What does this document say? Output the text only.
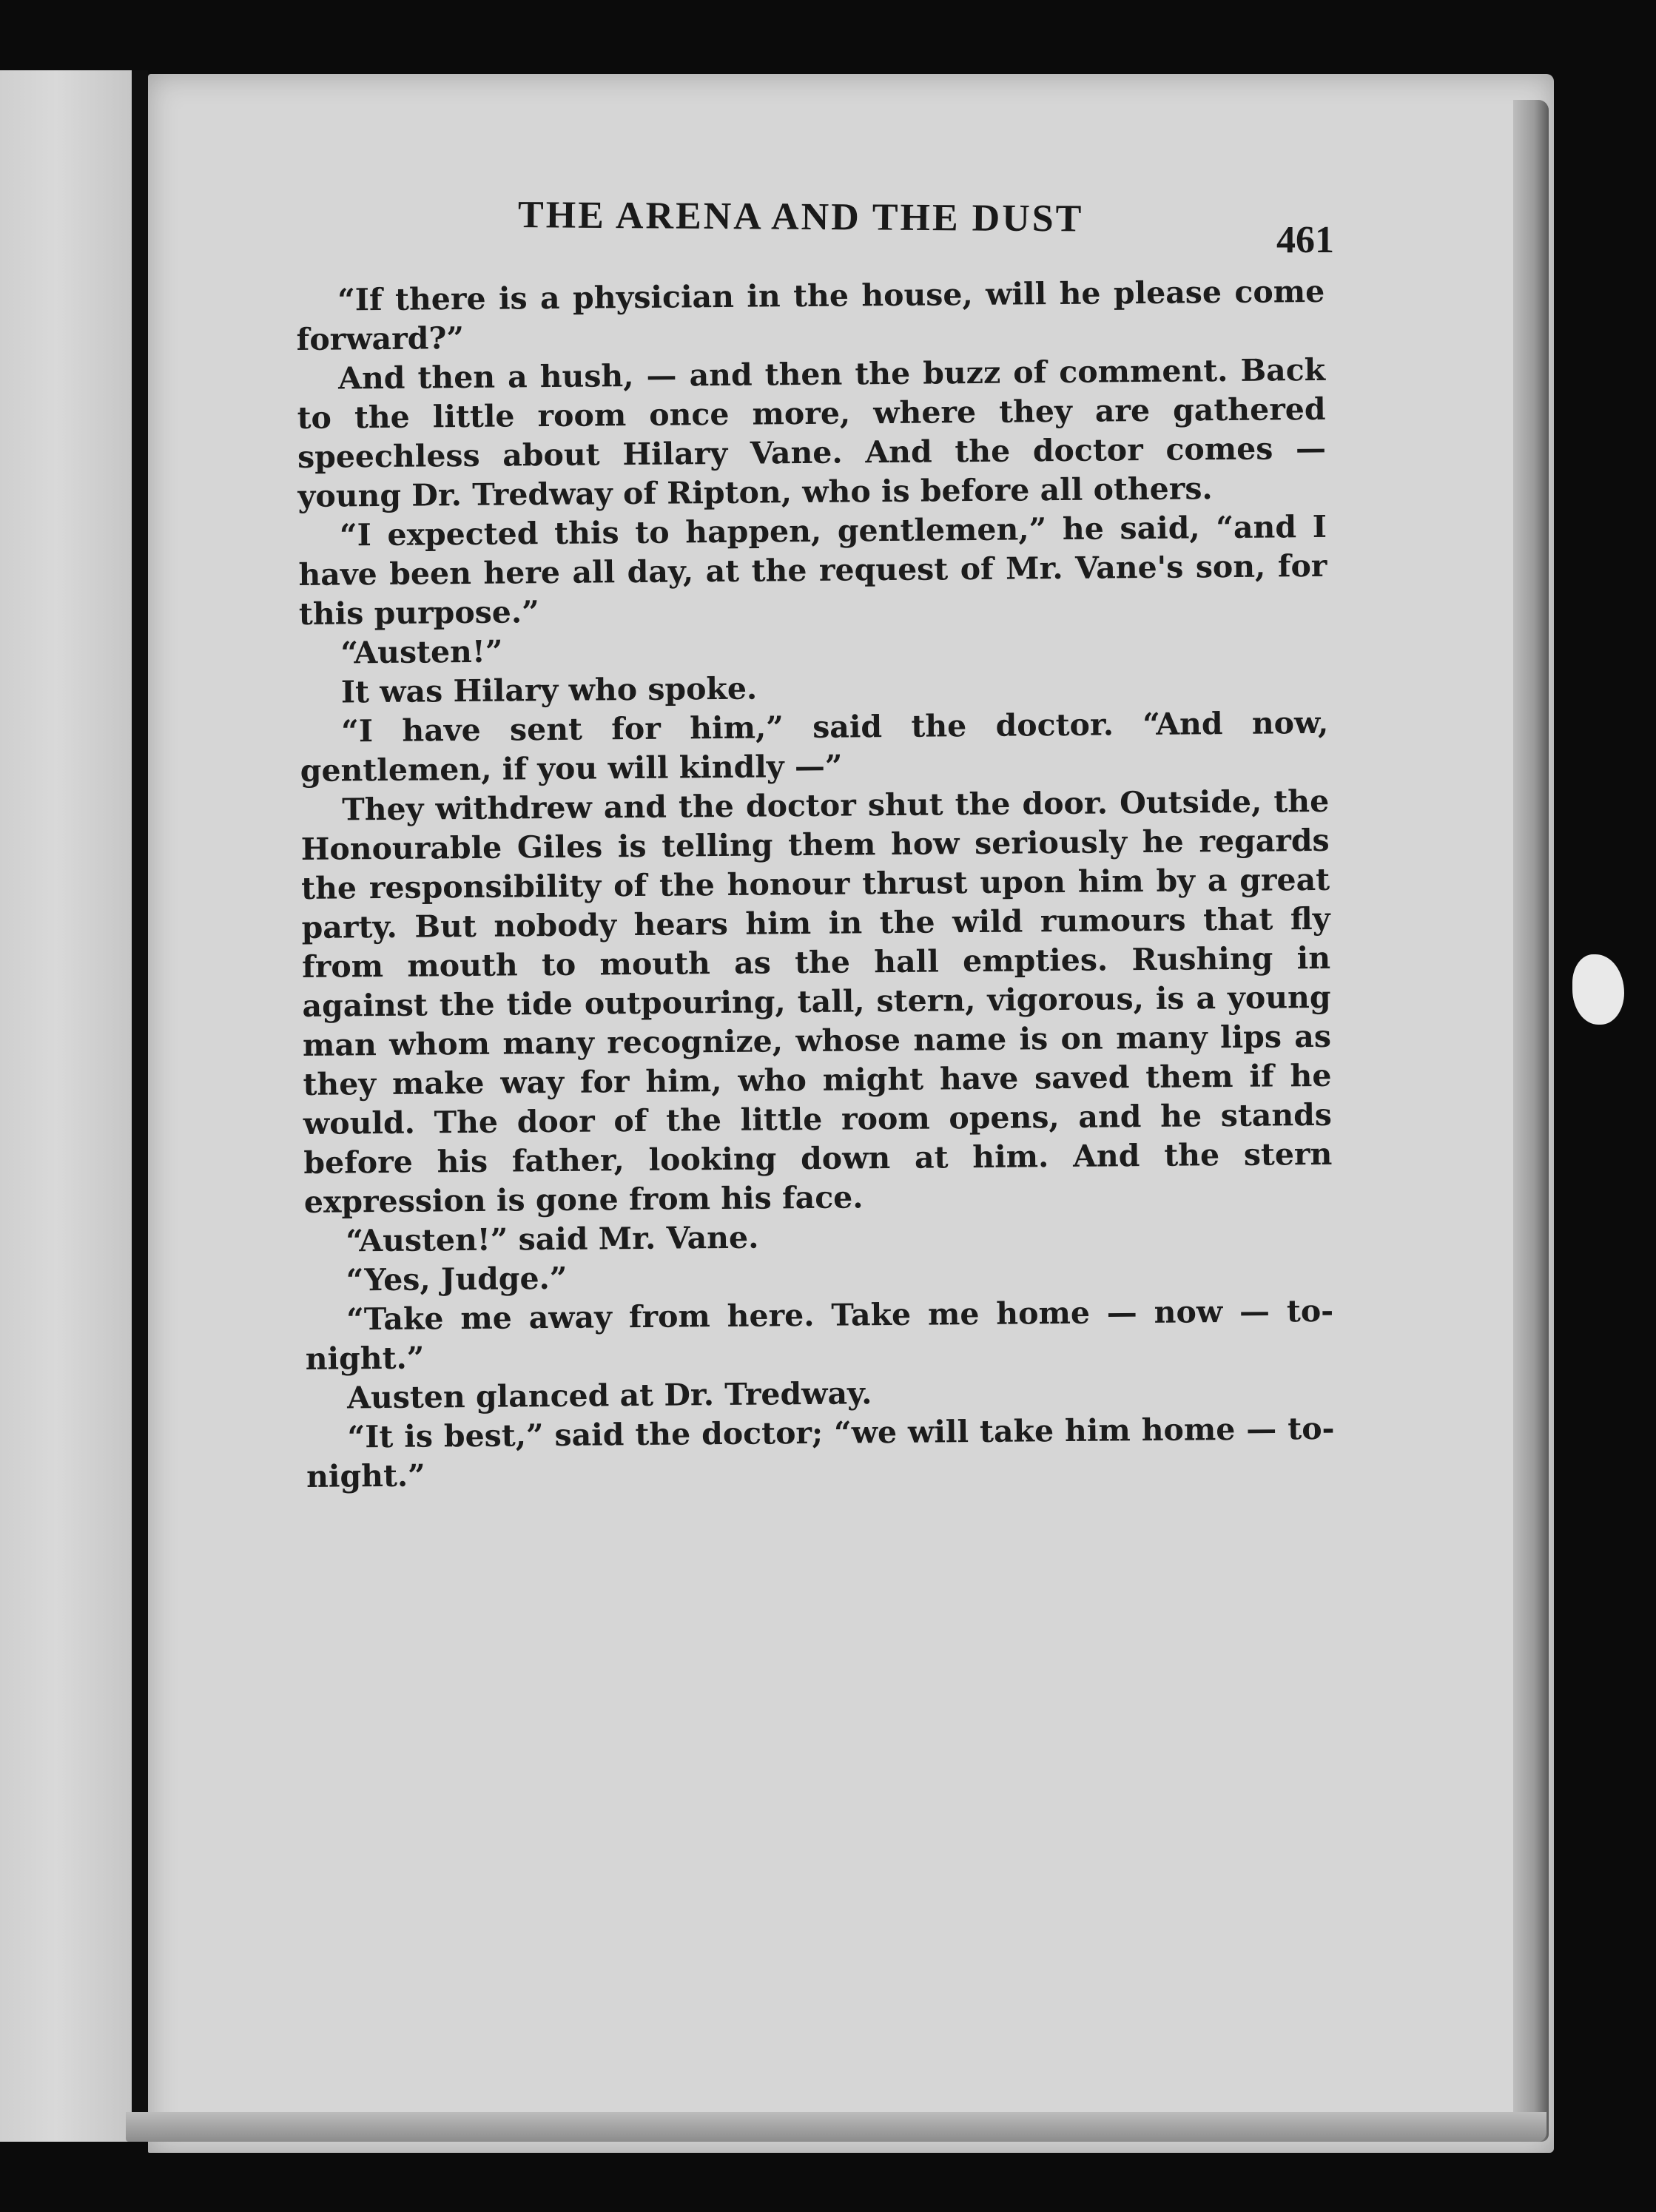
THE ARENA AND THE DUST
461

“If there is a physician in the house, will he please come forward?”

And then a hush, — and then the buzz of comment. Back to the little room once more, where they are gathered speechless about Hilary Vane. And the doctor comes — young Dr. Tredway of Ripton, who is before all others.

“I expected this to happen, gentlemen,” he said, “and I have been here all day, at the request of Mr. Vane's son, for this purpose.”

“Austen!”

It was Hilary who spoke.

“I have sent for him,” said the doctor. “And now, gentlemen, if you will kindly —”

They withdrew and the doctor shut the door. Outside, the Honourable Giles is telling them how seriously he regards the responsibility of the honour thrust upon him by a great party. But nobody hears him in the wild rumours that fly from mouth to mouth as the hall empties. Rushing in against the tide outpouring, tall, stern, vigorous, is a young man whom many recognize, whose name is on many lips as they make way for him, who might have saved them if he would. The door of the little room opens, and he stands before his father, looking down at him. And the stern expression is gone from his face.

“Austen!” said Mr. Vane.

“Yes, Judge.”

“Take me away from here. Take me home — now — to-night.”

Austen glanced at Dr. Tredway.

“It is best,” said the doctor; “we will take him home — to-night.”
